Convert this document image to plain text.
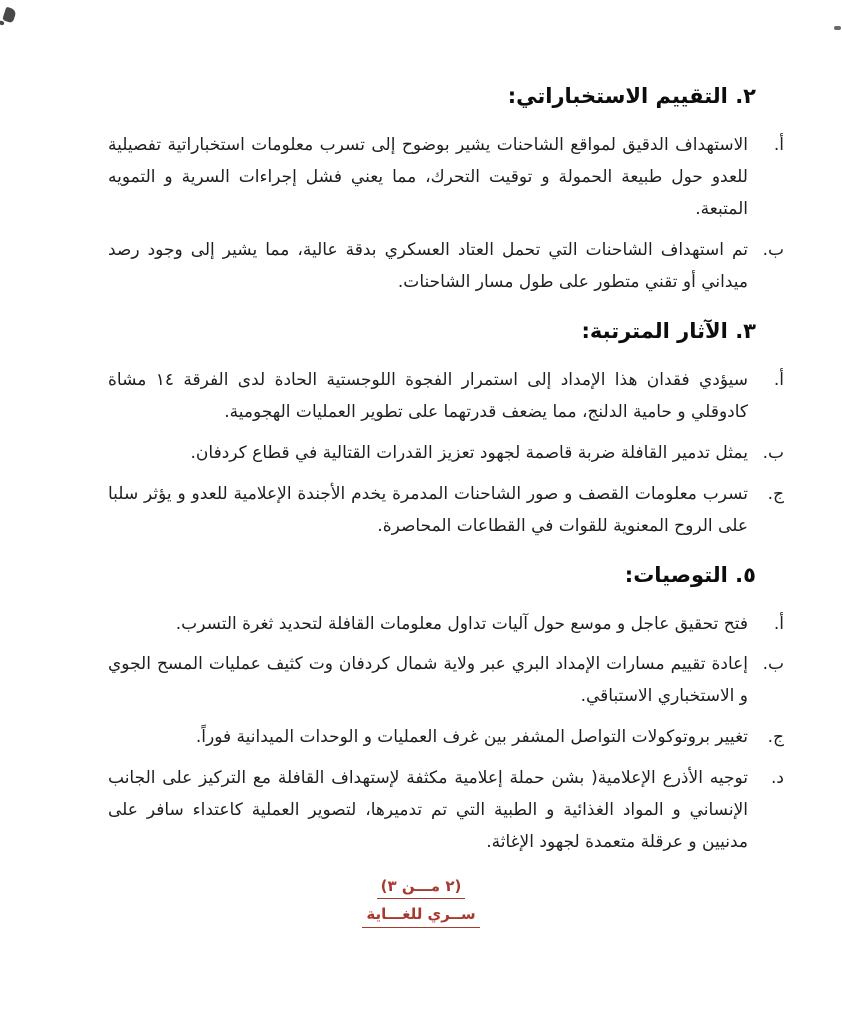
٢. التقييم الاستخباراتي:
أ.

الاستهداف الدقيق لمواقع الشاحنات يشير بوضوح إلى تسرب معلومات استخباراتية تفصيلية للعدو حول طبيعة الحمولة و توقيت التحرك، مما يعني فشل إجراءات السرية و التمويه المتبعة.

ب.

تم استهداف الشاحنات التي تحمل العتاد العسكري بدقة عالية، مما يشير إلى وجود رصد ميداني أو تقني متطور على طول مسار الشاحنات.

٣. الآثار المترتبة:
أ.

سيؤدي فقدان هذا الإمداد إلى استمرار الفجوة اللوجستية الحادة لدى الفرقة ١٤ مشاة كادوقلي و حامية الدلنج، مما يضعف قدرتهما على تطوير العمليات الهجومية.

ب.

يمثل تدمير القافلة ضربة قاصمة لجهود تعزيز القدرات القتالية في قطاع كردفان.

ج.

تسرب معلومات القصف و صور الشاحنات المدمرة يخدم الأجندة الإعلامية للعدو و يؤثر سلبا على الروح المعنوية للقوات في القطاعات المحاصرة.

٥. التوصيات:
أ.

فتح تحقيق عاجل و موسع حول آليات تداول معلومات القافلة لتحديد ثغرة التسرب.

ب.

إعادة تقييم مسارات الإمداد البري عبر ولاية شمال كردفان وت كثيف عمليات المسح الجوي و الاستخباري الاستباقي.

ج.

تغيير بروتوكولات التواصل المشفر بين غرف العمليات و الوحدات الميدانية فوراً.

د.

توجيه الأذرع الإعلامية( بشن حملة إعلامية مكثفة لإستهداف القافلة مع التركيز على الجانب الإنساني و المواد الغذائية و الطبية التي تم تدميرها، لتصوير العملية كاعتداء سافر على مدنيين و عرقلة متعمدة لجهود الإغاثة.

(٢ مـــن ٣)
ســري للغـــاية
